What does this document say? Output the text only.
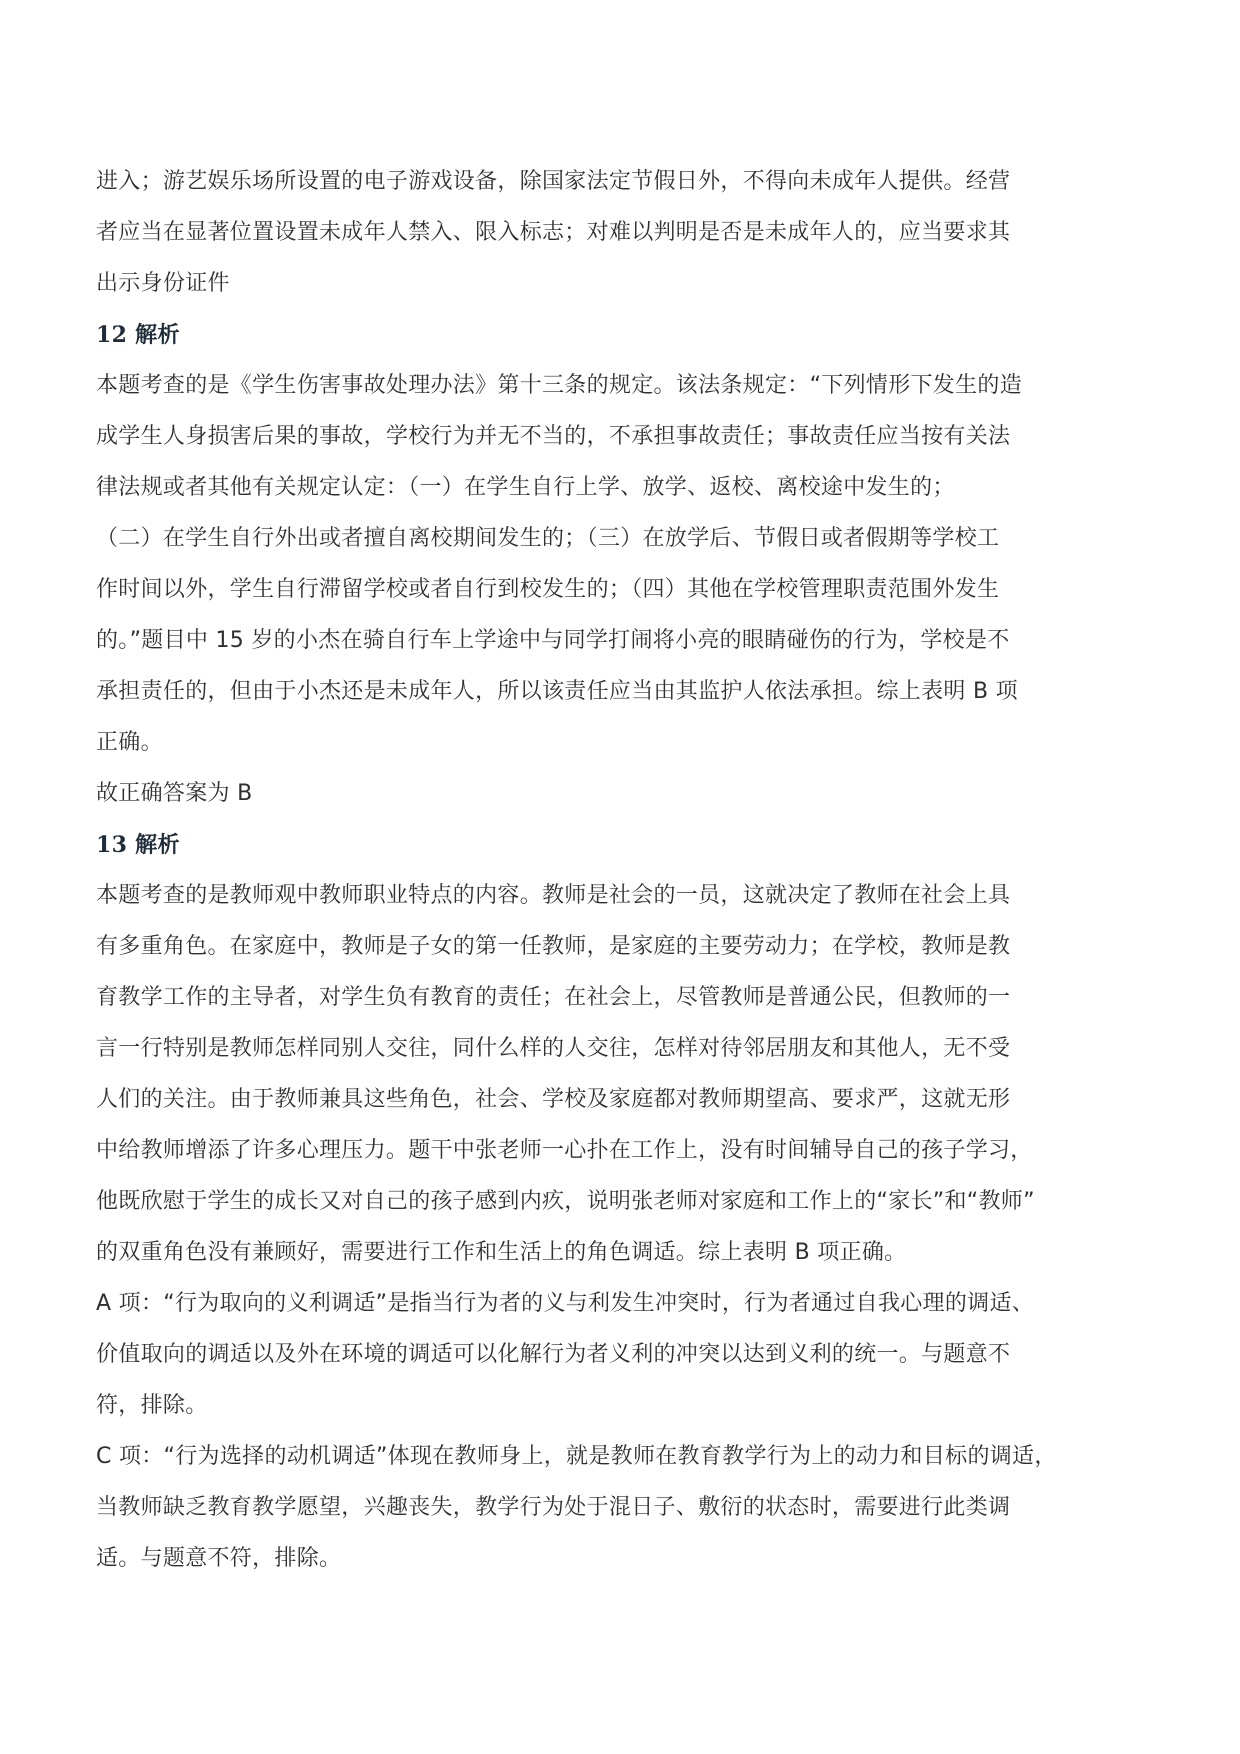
进入；游艺娱乐场所设置的电子游戏设备，除国家法定节假日外，不得向未成年人提供。经营
者应当在显著位置设置未成年人禁入、限入标志；对难以判明是否是未成年人的，应当要求其
出示身份证件
12 解析
本题考查的是《学生伤害事故处理办法》第十三条的规定。该法条规定：“下列情形下发生的造
成学生人身损害后果的事故，学校行为并无不当的，不承担事故责任；事故责任应当按有关法
律法规或者其他有关规定认定：（一）在学生自行上学、放学、返校、离校途中发生的；
（二）在学生自行外出或者擅自离校期间发生的；（三）在放学后、节假日或者假期等学校工
作时间以外，学生自行滞留学校或者自行到校发生的；（四）其他在学校管理职责范围外发生
的。”题目中 15 岁的小杰在骑自行车上学途中与同学打闹将小亮的眼睛碰伤的行为，学校是不
承担责任的，但由于小杰还是未成年人，所以该责任应当由其监护人依法承担。综上表明 B 项
正确。
故正确答案为 B
13 解析
本题考查的是教师观中教师职业特点的内容。教师是社会的一员，这就决定了教师在社会上具
有多重角色。在家庭中，教师是子女的第一任教师，是家庭的主要劳动力；在学校，教师是教
育教学工作的主导者，对学生负有教育的责任；在社会上，尽管教师是普通公民，但教师的一
言一行特别是教师怎样同别人交往，同什么样的人交往，怎样对待邻居朋友和其他人，无不受
人们的关注。由于教师兼具这些角色，社会、学校及家庭都对教师期望高、要求严，这就无形
中给教师增添了许多心理压力。题干中张老师一心扑在工作上，没有时间辅导自己的孩子学习，
他既欣慰于学生的成长又对自己的孩子感到内疚，说明张老师对家庭和工作上的“家长”和“教师”
的双重角色没有兼顾好，需要进行工作和生活上的角色调适。综上表明 B 项正确。
A 项：“行为取向的义利调适”是指当行为者的义与利发生冲突时，行为者通过自我心理的调适、
价值取向的调适以及外在环境的调适可以化解行为者义利的冲突以达到义利的统一。与题意不
符，排除。
C 项：“行为选择的动机调适”体现在教师身上，就是教师在教育教学行为上的动力和目标的调适，
当教师缺乏教育教学愿望，兴趣丧失，教学行为处于混日子、敷衍的状态时，需要进行此类调
适。与题意不符，排除。
